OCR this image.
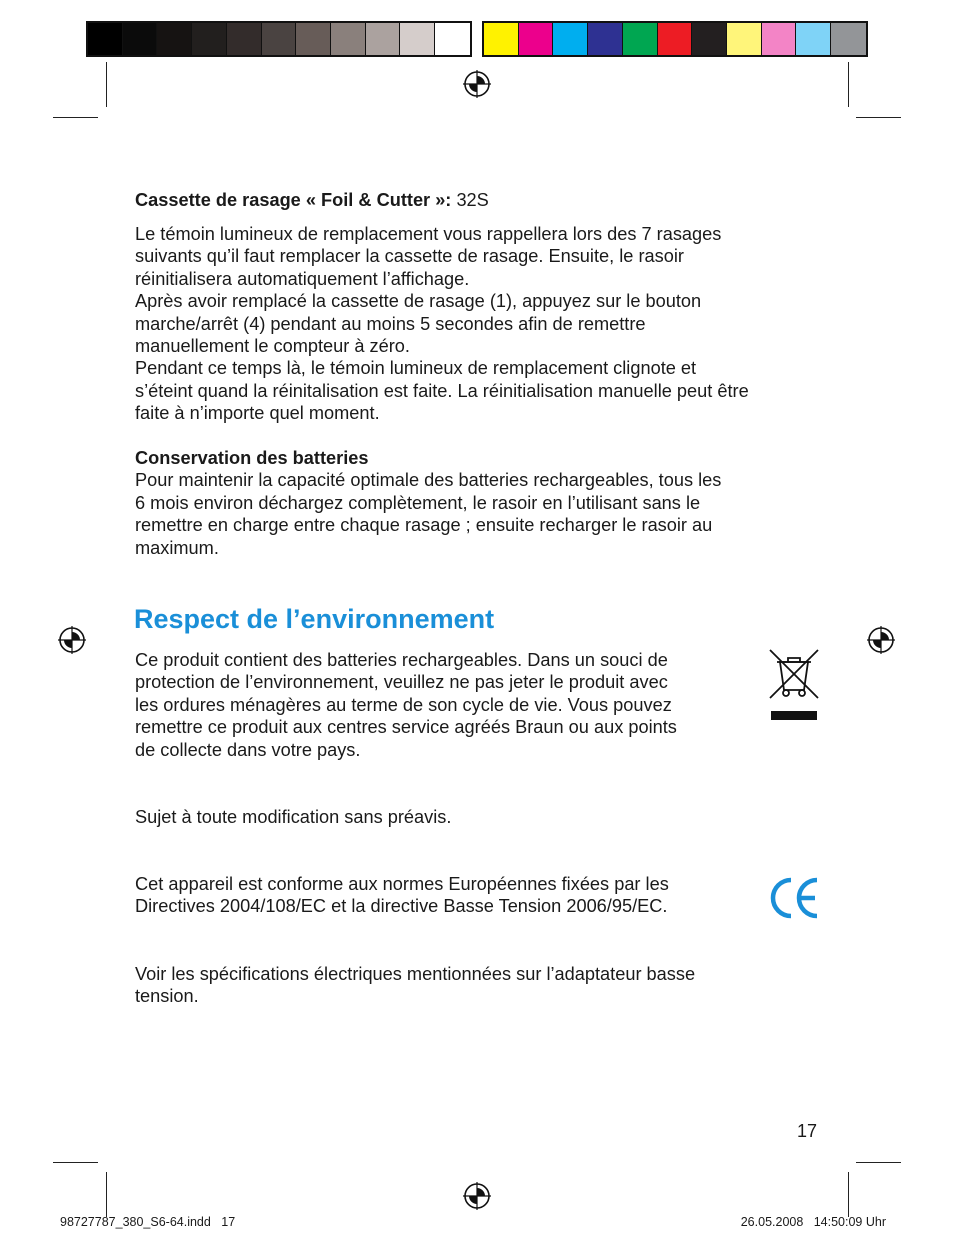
Cassette de rasage « Foil & Cutter »: 32S
Le témoin lumineux de remplacement vous rappellera lors des 7 rasages
suivants qu’il faut remplacer la cassette de rasage. Ensuite, le rasoir
réinitialisera automatiquement l’affichage.
Après avoir remplacé la cassette de rasage (1), appuyez sur le bouton
marche/arrêt (4) pendant au moins 5 secondes afin de remettre
manuellement le compteur à zéro.
Pendant ce temps là, le témoin lumineux de remplacement clignote et
s’éteint quand la réinitalisation est faite. La réinitialisation manuelle peut être
faite à n’importe quel moment.
Conservation des batteries
Pour maintenir la capacité optimale des batteries rechargeables, tous les
6 mois environ déchargez complètement, le rasoir en l’utilisant sans le
remettre en charge entre chaque rasage ; ensuite recharger le rasoir au
maximum.
Respect de l’environnement
Ce produit contient des batteries rechargeables. Dans un souci de
protection de l’environnement, veuillez ne pas jeter le produit avec
les ordures ménagères au terme de son cycle de vie. Vous pouvez
remettre ce produit aux centres service agréés Braun ou aux points
de collecte dans votre pays.
Sujet à toute modification sans préavis.
Cet appareil est conforme aux normes Européennes fixées par les
Directives 2004/108/EC et la directive Basse Tension 2006/95/EC.
Voir les spécifications électriques mentionnées sur l’adaptateur basse
tension.
17
98727787_380_S6-64.indd   17	26.05.2008   14:50:09 Uhr
